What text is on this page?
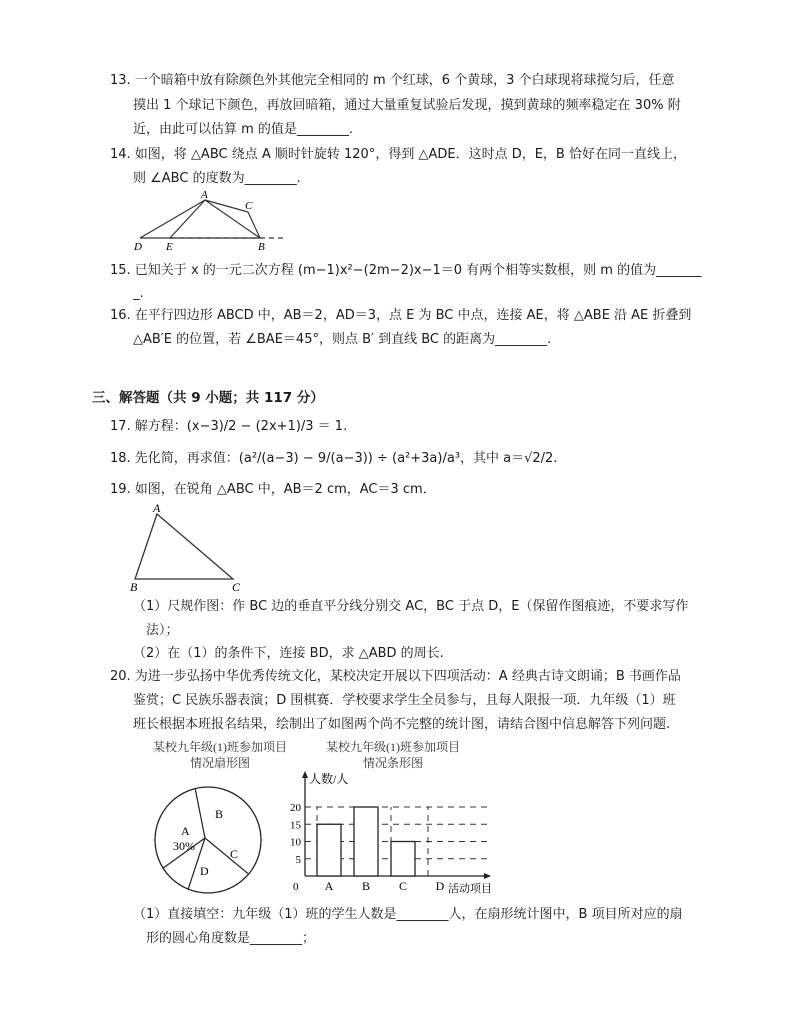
13. 一个暗箱中放有除颜色外其他完全相同的 m 个红球，6 个黄球，3 个白球现将球搅匀后，任意
摸出 1 个球记下颜色，再放回暗箱，通过大量重复试验后发现，摸到黄球的频率稳定在 30% 附
近，由此可以估算 m 的值是________.
14. 如图，将 △ABC 绕点 A 顺时针旋转 120°，得到 △ADE．这时点 D，E，B 恰好在同一直线上，
则 ∠ABC 的度数为________.
A
C
D E	B
15. 已知关于 x 的一元二次方程 (m−1)x²−(2m−2)x−1＝0 有两个相等实数根，则 m 的值为_______
_.
16. 在平行四边形 ABCD 中，AB＝2，AD＝3，点 E 为 BC 中点，连接 AE，将 △ABE 沿 AE 折叠到
△AB′E 的位置，若 ∠BAE＝45°，则点 B′ 到直线 BC 的距离为________.
三、解答题（共 9 小题；共 117 分）
17. 解方程：(x−3)/2 − (2x+1)/3 ＝ 1.
18. 先化简，再求值：(a²/(a−3) − 9/(a−3)) ÷ (a²+3a)/a³，其中 a＝√2/2.
19. 如图，在锐角 △ABC 中，AB＝2 cm，AC＝3 cm．
A
B	C
（1）尺规作图：作 BC 边的垂直平分线分别交 AC，BC 于点 D，E（保留作图痕迹，不要求写作
法）；
（2）在（1）的条件下，连接 BD，求 △ABD 的周长.
20. 为进一步弘扬中华优秀传统文化，某校决定开展以下四项活动：A 经典古诗文朗诵；B 书画作品
鉴赏；C 民族乐器表演；D 围棋赛．学校要求学生全员参与，且每人限报一项．九年级（1）班
班长根据本班报名结果，绘制出了如图两个尚不完整的统计图，请结合图中信息解答下列问题.
某校九年级(1)班参加项目
情况扇形图
某校九年级(1)班参加项目
情况条形图
A
30%
B
C
D
人数/人
5
10
15
20
0 A B C D 活动项目
（1）直接填空：九年级（1）班的学生人数是________人，在扇形统计图中，B 项目所对应的扇
形的圆心角度数是________；
